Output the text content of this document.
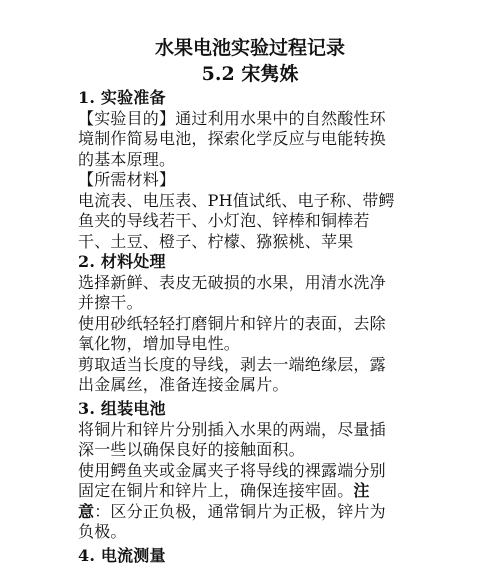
水果电池实验过程记录
5.2 宋隽姝
1. 实验准备
【实验目的】通过利用水果中的自然酸性环
境制作简易电池，探索化学反应与电能转换
的基本原理。
【所需材料】
电流表、电压表、PH值试纸、电子称、带鳄
鱼夹的导线若干、小灯泡、锌棒和铜棒若
干、土豆、橙子、柠檬、猕猴桃、苹果
2. 材料处理
选择新鲜、表皮无破损的水果，用清水洗净
并擦干。
使用砂纸轻轻打磨铜片和锌片的表面，去除
氧化物，增加导电性。
剪取适当长度的导线，剥去一端绝缘层，露
出金属丝，准备连接金属片。
3. 组装电池
将铜片和锌片分别插入水果的两端，尽量插
深一些以确保良好的接触面积。
使用鳄鱼夹或金属夹子将导线的裸露端分别
固定在铜片和锌片上，确保连接牢固。注
意：区分正负极，通常铜片为正极，锌片为
负极。
4. 电流测量
